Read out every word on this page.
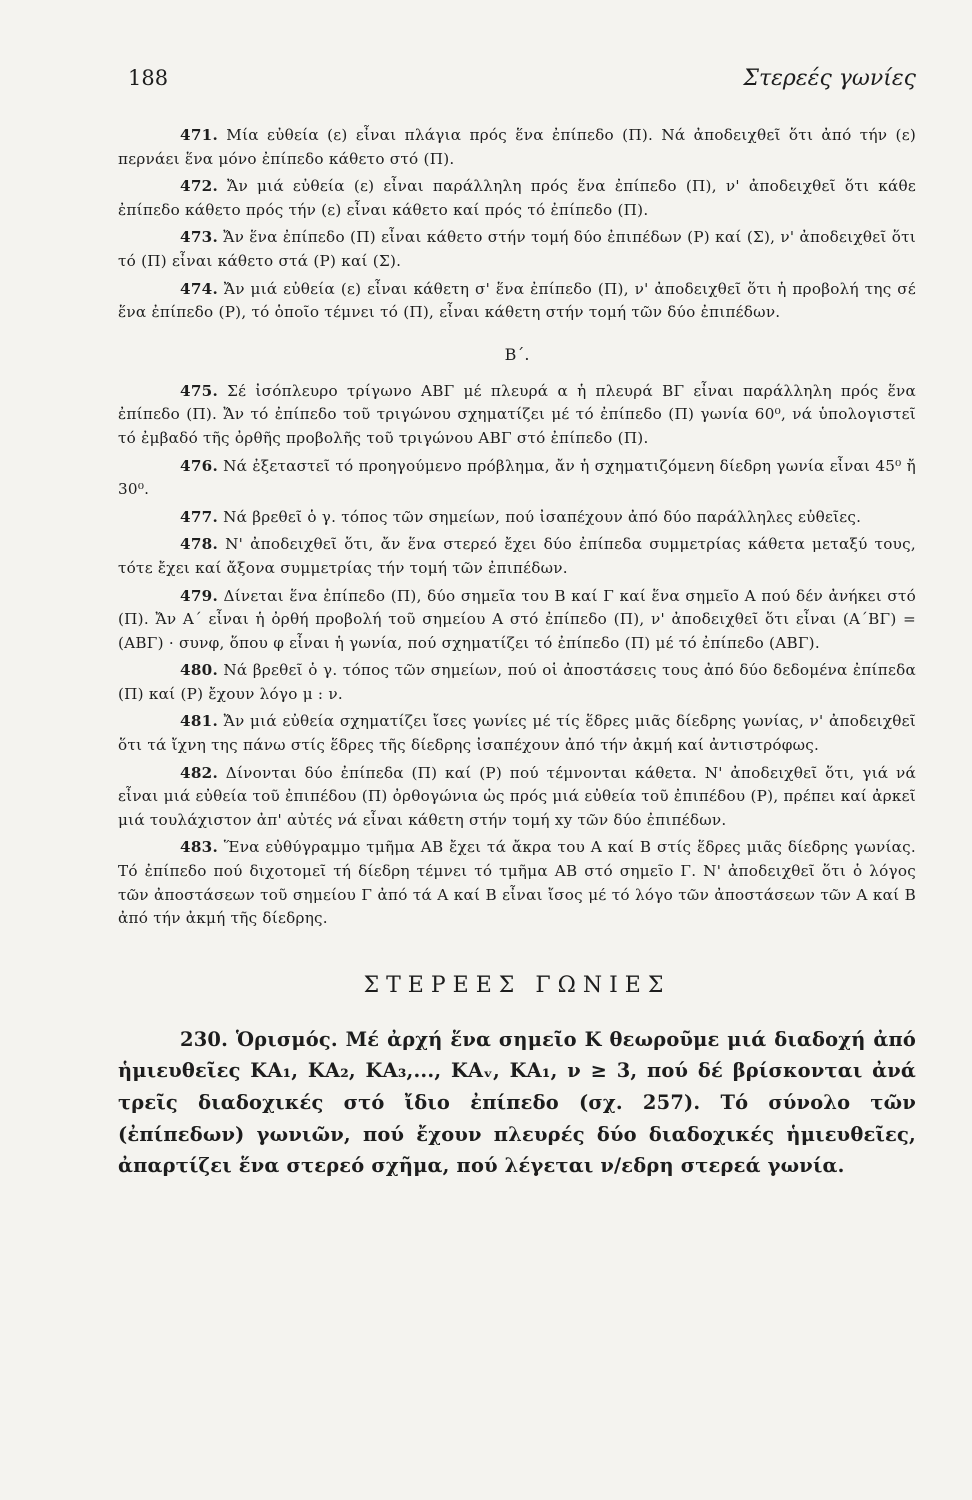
188	Στερεές γωνίες

471. Μία εὐθεία (ε) εἶναι πλάγια πρός ἕνα ἐπίπεδο (Π). Νά ἀποδειχθεῖ ὅτι ἀπό τήν (ε) περνάει ἕνα μόνο ἐπίπεδο κάθετο στό (Π).

472. Ἄν μιά εὐθεία (ε) εἶναι παράλληλη πρός ἕνα ἐπίπεδο (Π), ν' ἀποδειχθεῖ ὅτι κάθε ἐπίπεδο κάθετο πρός τήν (ε) εἶναι κάθετο καί πρός τό ἐπίπεδο (Π).

473. Ἄν ἕνα ἐπίπεδο (Π) εἶναι κάθετο στήν τομή δύο ἐπιπέδων (Ρ) καί (Σ), ν' ἀποδειχθεῖ ὅτι τό (Π) εἶναι κάθετο στά (Ρ) καί (Σ).

474. Ἄν μιά εὐθεία (ε) εἶναι κάθετη σ' ἕνα ἐπίπεδο (Π), ν' ἀποδειχθεῖ ὅτι ἡ προβολή της σέ ἕνα ἐπίπεδο (Ρ), τό ὁποῖο τέμνει τό (Π), εἶναι κάθετη στήν τομή τῶν δύο ἐπιπέδων.

Β΄.

475. Σέ ἰσόπλευρο τρίγωνο ΑΒΓ μέ πλευρά α ἡ πλευρά ΒΓ εἶναι παράλληλη πρός ἕνα ἐπίπεδο (Π). Ἄν τό ἐπίπεδο τοῦ τριγώνου σχηματίζει μέ τό ἐπίπεδο (Π) γωνία 60⁰, νά ὑπολογιστεῖ τό ἐμβαδό τῆς ὀρθῆς προβολῆς τοῦ τριγώνου ΑΒΓ στό ἐπίπεδο (Π).

476. Νά ἐξεταστεῖ τό προηγούμενο πρόβλημα, ἄν ἡ σχηματιζόμενη δίεδρη γωνία εἶναι 45⁰ ἤ 30⁰.

477. Νά βρεθεῖ ὁ γ. τόπος τῶν σημείων, πού ἰσαπέχουν ἀπό δύο παράλληλες εὐθεῖες.

478. Ν' ἀποδειχθεῖ ὅτι, ἄν ἕνα στερεό ἔχει δύο ἐπίπεδα συμμετρίας κάθετα μεταξύ τους, τότε ἔχει καί ἄξονα συμμετρίας τήν τομή τῶν ἐπιπέδων.

479. Δίνεται ἕνα ἐπίπεδο (Π), δύο σημεῖα του Β καί Γ καί ἕνα σημεῖο Α πού δέν ἀνήκει στό (Π). Ἄν Α΄ εἶναι ἡ ὀρθή προβολή τοῦ σημείου Α στό ἐπίπεδο (Π), ν' ἀποδειχθεῖ ὅτι εἶναι (Α΄ΒΓ) = (ΑΒΓ) · συνφ, ὅπου φ εἶναι ἡ γωνία, πού σχηματίζει τό ἐπίπεδο (Π) μέ τό ἐπίπεδο (ΑΒΓ).

480. Νά βρεθεῖ ὁ γ. τόπος τῶν σημείων, πού οἱ ἀποστάσεις τους ἀπό δύο δεδομένα ἐπίπεδα (Π) καί (Ρ) ἔχουν λόγο μ : ν.

481. Ἄν μιά εὐθεία σχηματίζει ἴσες γωνίες μέ τίς ἕδρες μιᾶς δίεδρης γωνίας, ν' ἀποδειχθεῖ ὅτι τά ἴχνη της πάνω στίς ἕδρες τῆς δίεδρης ἰσαπέχουν ἀπό τήν ἀκμή καί ἀντιστρόφως.

482. Δίνονται δύο ἐπίπεδα (Π) καί (Ρ) πού τέμνονται κάθετα. Ν' ἀποδειχθεῖ ὅτι, γιά νά εἶναι μιά εὐθεία τοῦ ἐπιπέδου (Π) ὀρθογώνια ὡς πρός μιά εὐθεία τοῦ ἐπιπέδου (Ρ), πρέπει καί ἀρκεῖ μιά τουλάχιστον ἀπ' αὐτές νά εἶναι κάθετη στήν τομή xy τῶν δύο ἐπιπέδων.

483. Ἕνα εὐθύγραμμο τμῆμα ΑΒ ἔχει τά ἄκρα του Α καί Β στίς ἕδρες μιᾶς δίεδρης γωνίας. Τό ἐπίπεδο πού διχοτομεῖ τή δίεδρη τέμνει τό τμῆμα ΑΒ στό σημεῖο Γ. Ν' ἀποδειχθεῖ ὅτι ὁ λόγος τῶν ἀποστάσεων τοῦ σημείου Γ ἀπό τά Α καί Β εἶναι ἴσος μέ τό λόγο τῶν ἀποστάσεων τῶν Α καί Β ἀπό τήν ἀκμή τῆς δίεδρης.

ΣΤΕΡΕΕΣ ΓΩΝΙΕΣ

230. Ὁρισμός. Μέ ἀρχή ἕνα σημεῖο Κ θεωροῦμε μιά διαδοχή ἀπό ἡμιευθεῖες ΚΑ₁, ΚΑ₂, ΚΑ₃,..., ΚΑᵥ, ΚΑ₁, ν ≥ 3, πού δέ βρίσκονται ἀνά τρεῖς διαδοχικές στό ἴδιο ἐπίπεδο (σχ. 257). Τό σύνολο τῶν (ἐπίπεδων) γωνιῶν, πού ἔχουν πλευρές δύο διαδοχικές ἡμιευθεῖες, ἀπαρτίζει ἕνα στερεό σχῆμα, πού λέγεται ν/εδρη στερεά γωνία.
